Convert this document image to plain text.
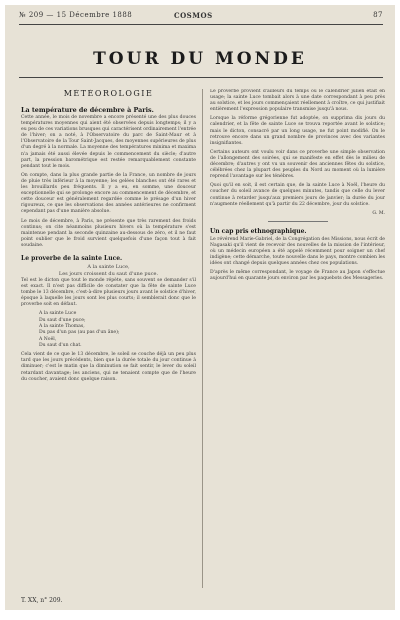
№ 209 — 15 Décembre 1888	COSMOS	87
TOUR DU MONDE
MÉTÉOROLOGIE
La température de décembre à Paris.

Cette année, le mois de novembre a encore présenté une des plus douces températures moyennes qui aient été observées depuis longtemps; il y a eu peu de ces variations brusques qui caractérisent ordinairement l'entrée de l'hiver; on a noté, à l'Observatoire du parc de Saint-Maur et à l'Observatoire de la Tour Saint-Jacques, des moyennes supérieures de plus d'un degré à la normale. La moyenne des températures minima et maxima n'a jamais été aussi élevée depuis le commencement du siècle; d'autre part, la pression barométrique est restée remarquablement constante pendant tout le mois.

On compte, dans la plus grande partie de la France, un nombre de jours de pluie très inférieur à la moyenne; les gelées blanches ont été rares et les brouillards peu fréquents. Il y a eu, en somme, une douceur exceptionnelle qui se prolonge encore au commencement de décembre, et cette douceur est généralement regardée comme le présage d'un hiver rigoureux, ce que les observations des années antérieures ne confirment cependant pas d'une manière absolue.

Le mois de décembre, à Paris, ne présente que très rarement des froids continus; on cite néanmoins plusieurs hivers où la température s'est maintenue pendant la seconde quinzaine au-dessous de zéro, et il ne faut point oublier que le froid survient quelquefois d'une façon tout à fait soudaine.

Le proverbe de la sainte Luce.
A la sainte Luce,
Les jours croissent du saut d'une puce.

Tel est le dicton que tout le monde répète, sans souvent se demander s'il est exact. Il n'est pas difficile de constater que la fête de sainte Luce tombe le 13 décembre, c'est-à-dire plusieurs jours avant le solstice d'hiver, époque à laquelle les jours sont les plus courts; il semblerait donc que le proverbe soit en défaut.

A la sainte Luce
Du saut d'une puce;
A la sainte Thomas,
Du pas d'un pas (au pas d'un âne);
A Noël,
Du saut d'un chat.

Cela vient de ce que le 13 décembre, le soleil se couche déjà un peu plus tard que les jours précédents, bien que la durée totale du jour continue à diminuer; c'est le matin que la diminution se fait sentir, le lever du soleil retardant davantage; les anciens, qui ne tenaient compte que de l'heure du coucher, avaient donc quelque raison.

Le proverbe provient d'ailleurs du temps où le calendrier julien était en usage; la sainte Luce tombait alors à une date correspondant à peu près au solstice, et les jours commençaient réellement à croître, ce qui justifiait entièrement l'expression populaire transmise jusqu'à nous.

Lorsque la réforme grégorienne fut adoptée, on supprima dix jours du calendrier, et la fête de sainte Luce se trouva reportée avant le solstice; mais le dicton, consacré par un long usage, ne fut point modifié. On le retrouve encore dans un grand nombre de provinces avec des variantes insignifiantes.

Certains auteurs ont voulu voir dans ce proverbe une simple observation de l'allongement des soirées, qui se manifeste en effet dès le milieu de décembre; d'autres y ont vu un souvenir des anciennes fêtes du solstice, célébrées chez la plupart des peuples du Nord au moment où la lumière reprend l'avantage sur les ténèbres.

Quoi qu'il en soit, il est certain que, de la sainte Luce à Noël, l'heure du coucher du soleil avance de quelques minutes, tandis que celle du lever continue à retarder jusqu'aux premiers jours de janvier; la durée du jour n'augmente réellement qu'à partir du 22 décembre, jour du solstice.

G. M.
Un cap pris ethnographique.

Le révérend Marie-Gabriel, de la Congrégation des Missions, nous écrit de Nagasaki qu'il vient de recevoir des nouvelles de la mission de l'intérieur, où un médecin européen a été appelé récemment pour soigner un chef indigène; cette démarche, toute nouvelle dans le pays, montre combien les idées ont changé depuis quelques années chez ces populations.

D'après le même correspondant, le voyage de France au Japon s'effectue aujourd'hui en quarante jours environ par les paquebots des Messageries.

T. XX, n° 209.
